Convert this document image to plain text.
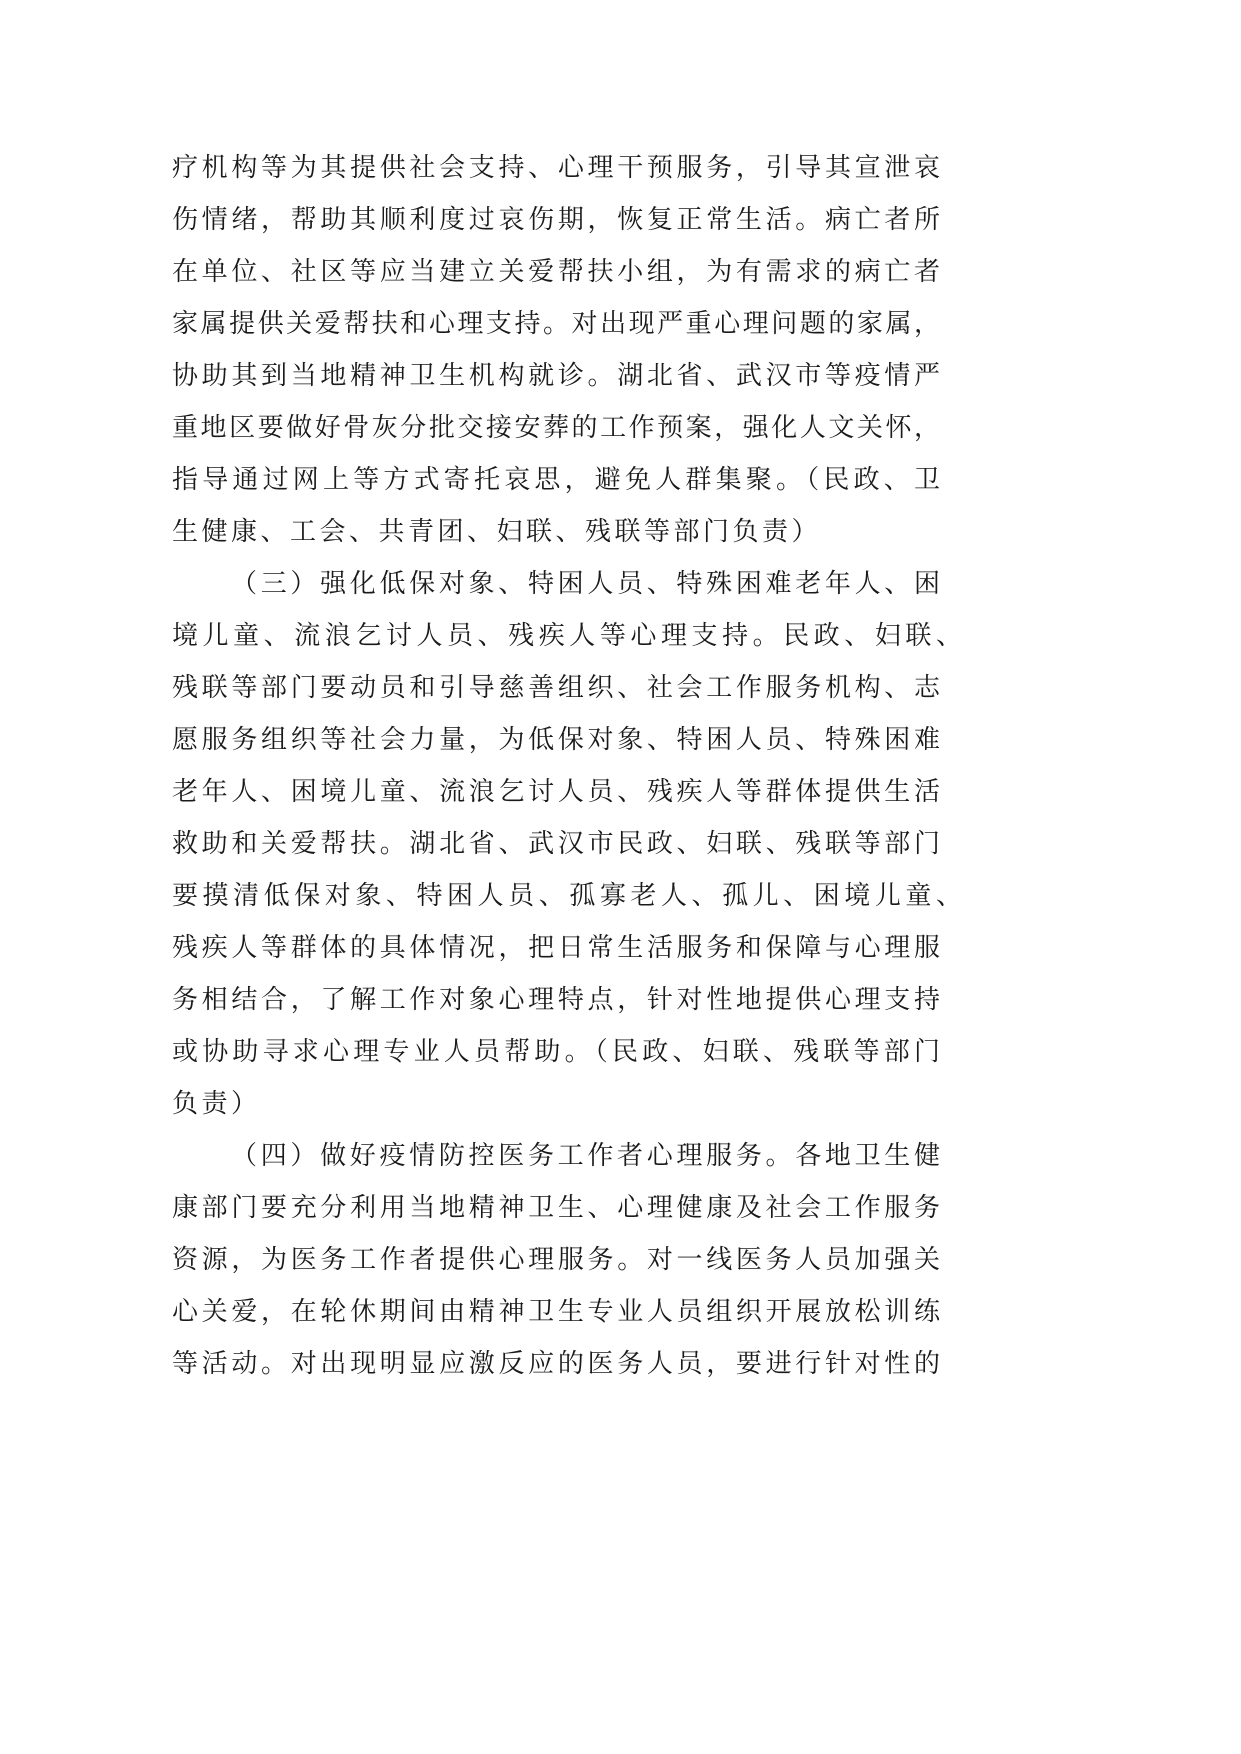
疗机构等为其提供社会支持、心理干预服务，引导其宣泄哀
伤情绪，帮助其顺利度过哀伤期，恢复正常生活。病亡者所
在单位、社区等应当建立关爱帮扶小组，为有需求的病亡者
家属提供关爱帮扶和心理支持。对出现严重心理问题的家属，
协助其到当地精神卫生机构就诊。湖北省、武汉市等疫情严
重地区要做好骨灰分批交接安葬的工作预案，强化人文关怀，
指导通过网上等方式寄托哀思，避免人群集聚。（民政、卫
生健康、工会、共青团、妇联、残联等部门负责）
（三）强化低保对象、特困人员、特殊困难老年人、困
境儿童、流浪乞讨人员、残疾人等心理支持。民政、妇联、
残联等部门要动员和引导慈善组织、社会工作服务机构、志
愿服务组织等社会力量，为低保对象、特困人员、特殊困难
老年人、困境儿童、流浪乞讨人员、残疾人等群体提供生活
救助和关爱帮扶。湖北省、武汉市民政、妇联、残联等部门
要摸清低保对象、特困人员、孤寡老人、孤儿、困境儿童、
残疾人等群体的具体情况，把日常生活服务和保障与心理服
务相结合，了解工作对象心理特点，针对性地提供心理支持
或协助寻求心理专业人员帮助。（民政、妇联、残联等部门
负责）
（四）做好疫情防控医务工作者心理服务。各地卫生健
康部门要充分利用当地精神卫生、心理健康及社会工作服务
资源，为医务工作者提供心理服务。对一线医务人员加强关
心关爱，在轮休期间由精神卫生专业人员组织开展放松训练
等活动。对出现明显应激反应的医务人员，要进行针对性的
